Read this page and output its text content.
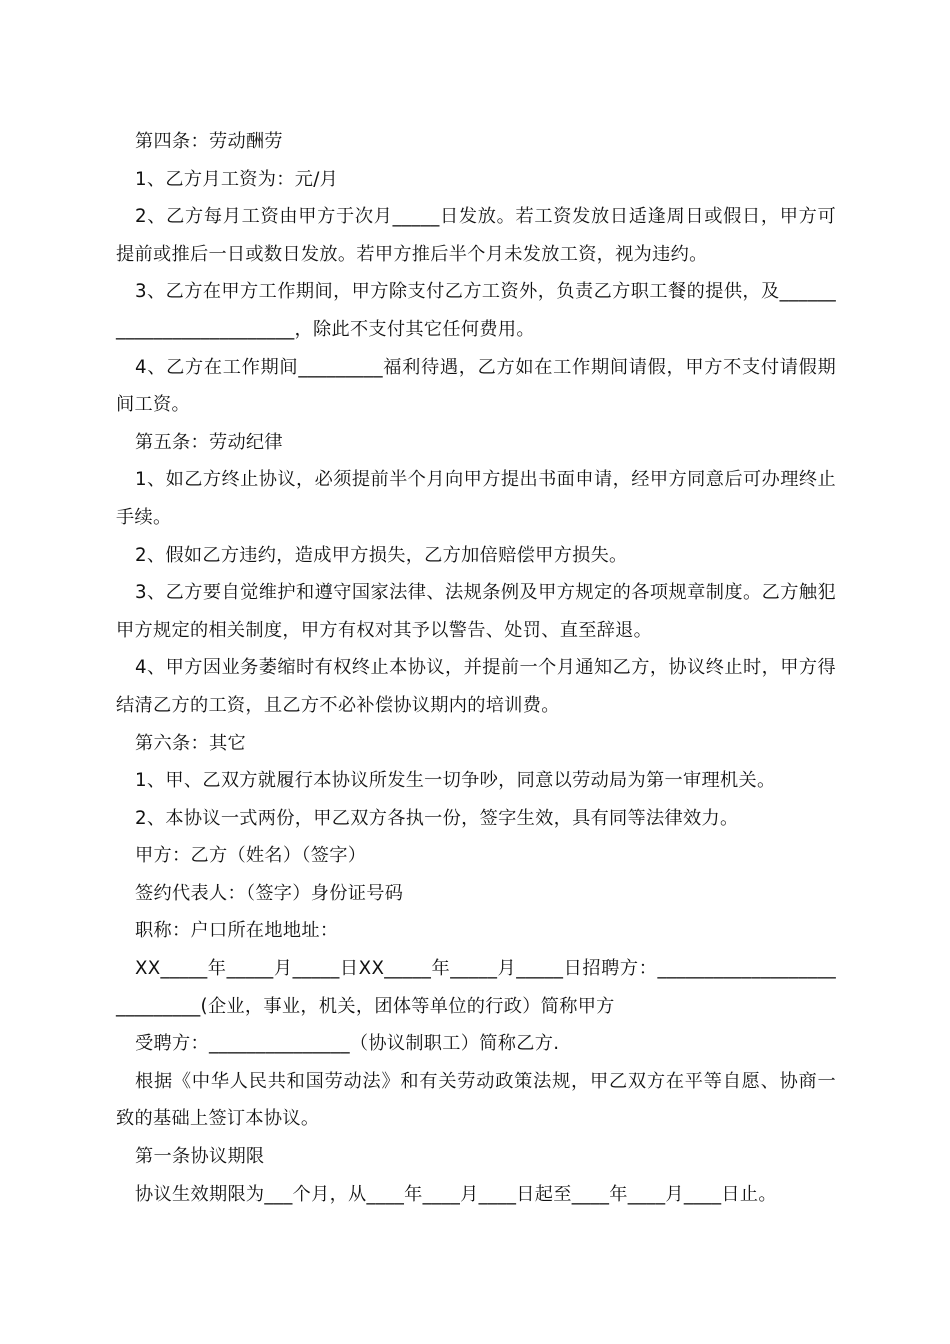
第四条：劳动酬劳

1、乙方月工资为：元/月

2、乙方每月工资由甲方于次月_____日发放。若工资发放日适逢周日或假日，甲方可提前或推后一日或数日发放。若甲方推后半个月未发放工资，视为违约。

3、乙方在甲方工作期间，甲方除支付乙方工资外，负责乙方职工餐的提供，及_________________________，除此不支付其它任何费用。

4、乙方在工作期间_________福利待遇，乙方如在工作期间请假，甲方不支付请假期间工资。

第五条：劳动纪律

1、如乙方终止协议，必须提前半个月向甲方提出书面申请，经甲方同意后可办理终止手续。

2、假如乙方违约，造成甲方损失，乙方加倍赔偿甲方损失。

3、乙方要自觉维护和遵守国家法律、法规条例及甲方规定的各项规章制度。乙方触犯甲方规定的相关制度，甲方有权对其予以警告、处罚、直至辞退。

4、甲方因业务萎缩时有权终止本协议，并提前一个月通知乙方，协议终止时，甲方得结清乙方的工资，且乙方不必补偿协议期内的培训费。

第六条：其它

1、甲、乙双方就履行本协议所发生一切争吵，同意以劳动局为第一审理机关。

2、本协议一式两份，甲乙双方各执一份，签字生效，具有同等法律效力。

甲方：乙方（姓名）（签字）

签约代表人：（签字）身份证号码

职称：户口所在地地址：

XX_____年_____月_____日XX_____年_____月_____日招聘方：____________________________(企业，事业，机关，团体等单位的行政）简称甲方

受聘方：_______________（协议制职工）简称乙方.

根据《中华人民共和国劳动法》和有关劳动政策法规，甲乙双方在平等自愿、协商一致的基础上签订本协议。

第一条协议期限

协议生效期限为___个月，从____年____月____日起至____年____月____日止。
